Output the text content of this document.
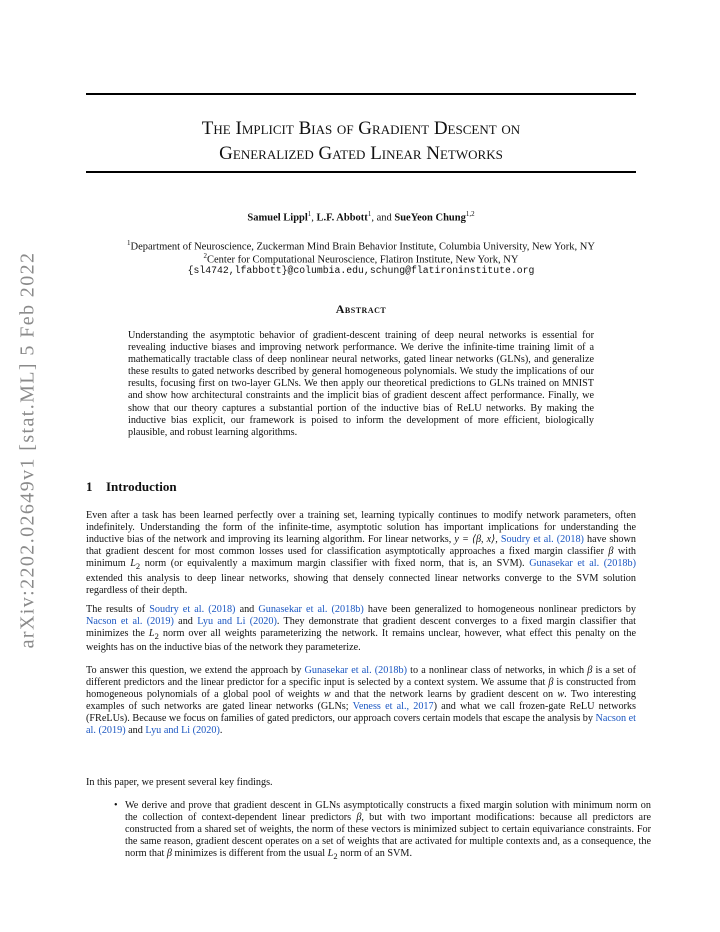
arXiv:2202.02649v1 [stat.ML] 5 Feb 2022
The Implicit Bias of Gradient Descent on
Generalized Gated Linear Networks
Samuel Lippl$^1$, L.F. Abbott$^1$, and SueYeon Chung$^{1,2}$
$^1$Department of Neuroscience, Zuckerman Mind Brain Behavior Institute, Columbia University, New York, NY
$^2$Center for Computational Neuroscience, Flatiron Institute, New York, NY
{sl4742,lfabbott}@columbia.edu,schung@flatironinstitute.org
Abstract
Understanding the asymptotic behavior of gradient-descent training of deep neural networks is essential for revealing inductive biases and improving network performance. We derive the infinite-time training limit of a mathematically tractable class of deep nonlinear neural networks, gated linear networks (GLNs), and generalize these results to gated networks described by general homogeneous polynomials. We study the implications of our results, focusing first on two-layer GLNs. We then apply our theoretical predictions to GLNs trained on MNIST and show how architectural constraints and the implicit bias of gradient descent affect performance. Finally, we show that our theory captures a substantial portion of the inductive bias of ReLU networks. By making the inductive bias explicit, our framework is poised to inform the development of more efficient, biologically plausible, and robust learning algorithms.
1 Introduction
Even after a task has been learned perfectly over a training set, learning typically continues to modify network parameters, often indefinitely. Understanding the form of the infinite-time, asymptotic solution has important implications for understanding the inductive bias of the network and improving its learning algorithm. For linear networks, y = ⟨β, x⟩, Soudry et al. (2018) have shown that gradient descent for most common losses used for classification asymptotically approaches a fixed margin classifier β with minimum $L_2$ norm (or equivalently a maximum margin classifier with fixed norm, that is, an SVM). Gunasekar et al. (2018b) extended this analysis to deep linear networks, showing that densely connected linear networks converge to the SVM solution regardless of their depth.
The results of Soudry et al. (2018) and Gunasekar et al. (2018b) have been generalized to homogeneous nonlinear predictors by Nacson et al. (2019) and Lyu and Li (2020). They demonstrate that gradient descent converges to a fixed margin classifier that minimizes the $L_2$ norm over all weights parameterizing the network. It remains unclear, however, what effect this penalty on the weights has on the inductive bias of the network they parameterize.
To answer this question, we extend the approach by Gunasekar et al. (2018b) to a nonlinear class of networks, in which β is a set of different predictors and the linear predictor for a specific input is selected by a context system. We assume that β is constructed from homogeneous polynomials of a global pool of weights w and that the network learns by gradient descent on w. Two interesting examples of such networks are gated linear networks (GLNs; Veness et al., 2017) and what we call frozen-gate ReLU networks (FReLUs). Because we focus on families of gated predictors, our approach covers certain models that escape the analysis by Nacson et al. (2019) and Lyu and Li (2020).
In this paper, we present several key findings.
• We derive and prove that gradient descent in GLNs asymptotically constructs a fixed margin solution with minimum norm on the collection of context-dependent linear predictors β, but with two important modifications: because all predictors are constructed from a shared set of weights, the norm of these vectors is minimized subject to certain equivariance constraints. For the same reason, gradient descent operates on a set of weights that are activated for multiple contexts and, as a consequence, the norm that β minimizes is different from the usual $L_2$ norm of an SVM.
